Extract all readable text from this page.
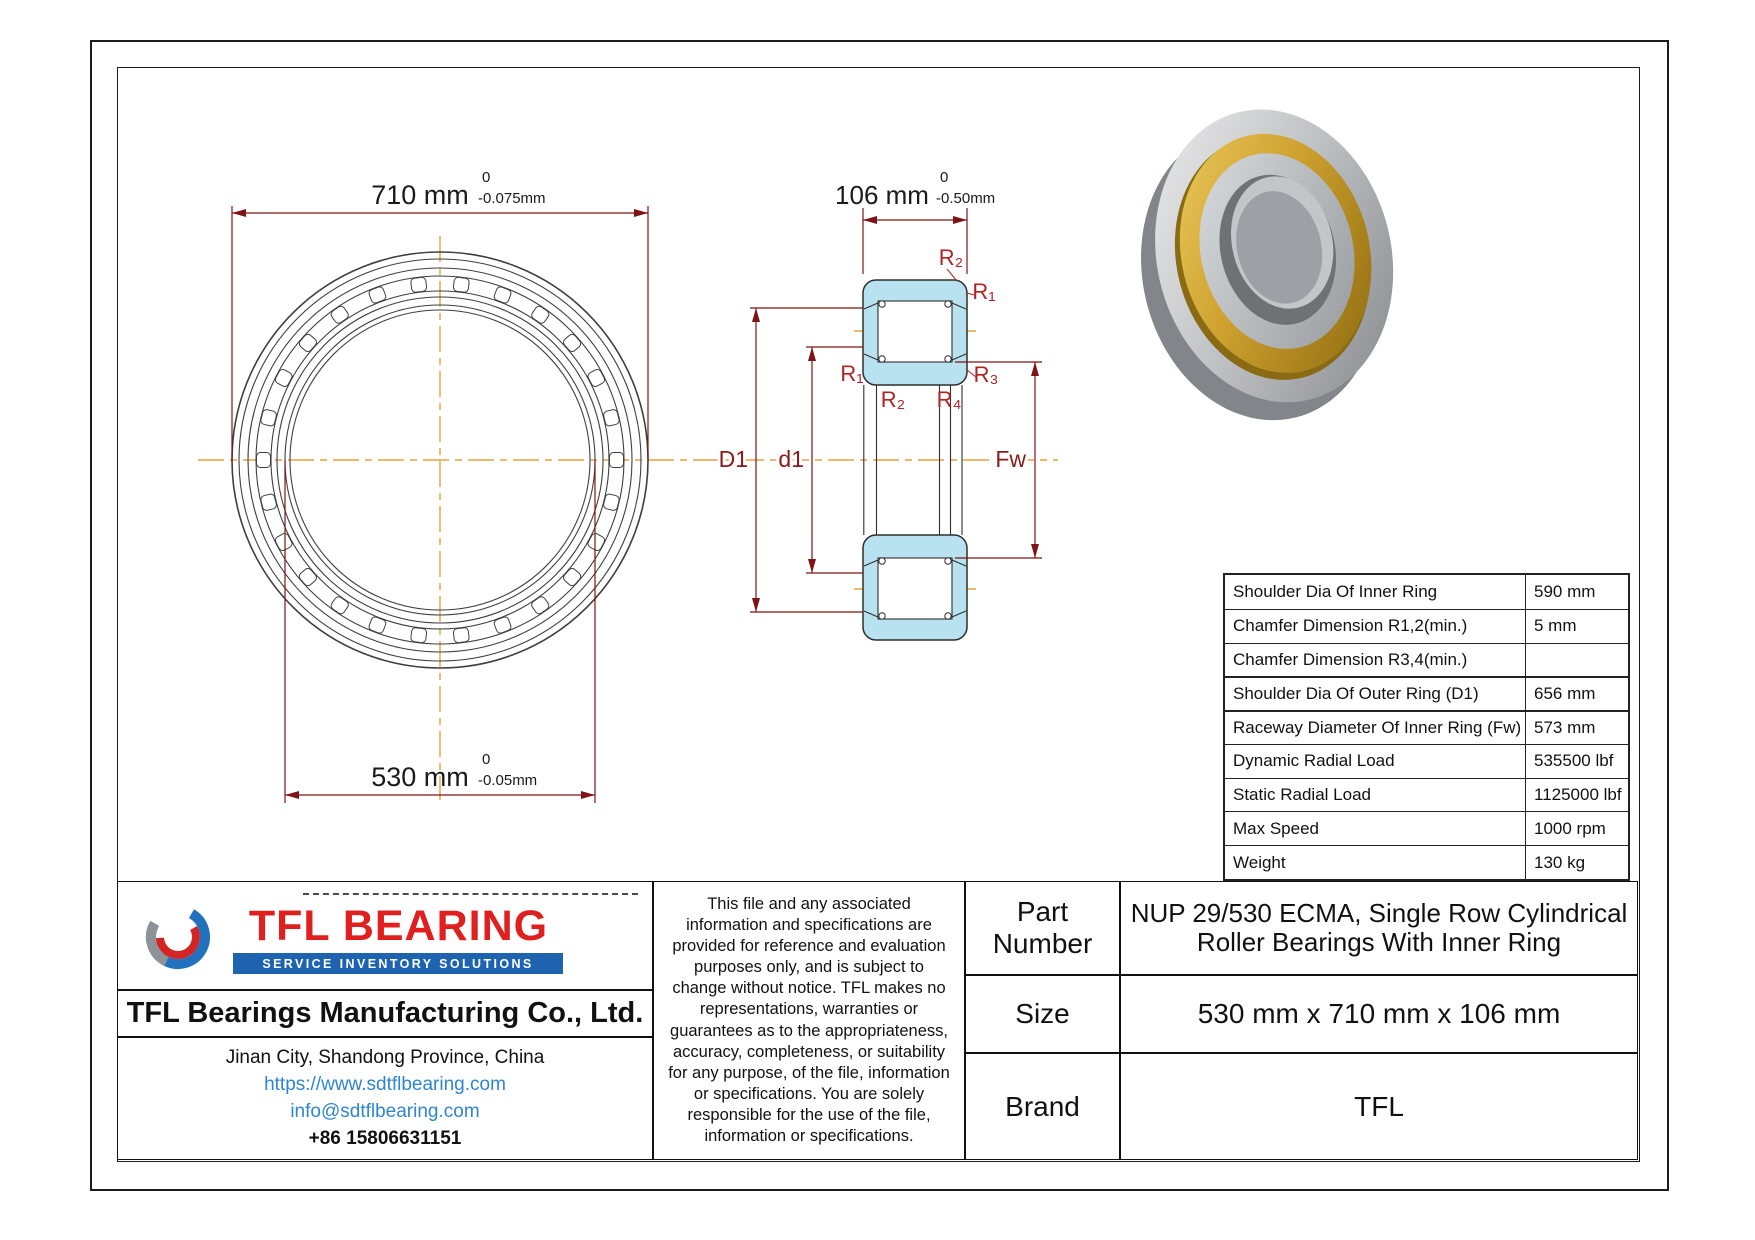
710 mm
0
-0.075mm
530 mm
0
-0.05mm
106 mm
0
-0.50mm
D1 d1	Fw
R₂
R₁
R₁
R₂ R₄
R₃
Shoulder Dia Of Inner Ring	590 mm
Chamfer Dimension R1,2(min.)	5 mm
Chamfer Dimension R3,4(min.)
Shoulder Dia Of Outer Ring (D1)	656 mm
Raceway Diameter Of Inner Ring (Fw) 573 mm
Dynamic Radial Load	535500 lbf
Static Radial Load	1125000 lbf
Max Speed	1000 rpm
Weight	130 kg
TFL BEARING
SERVICE INVENTORY SOLUTIONS
TFL Bearings Manufacturing Co., Ltd.
Jinan City, Shandong Province, China
https://www.sdtflbearing.com
info@sdtflbearing.com
+86 15806631151
This file and any associated information and specifications are provided for reference and evaluation purposes only, and is subject to change without notice. TFL makes no representations, warranties or guarantees as to the appropriateness, accuracy, completeness, or suitability for any purpose, of the file, information or specifications. You are solely responsible for the use of the file, information or specifications.
Part Number
NUP 29/530 ECMA, Single Row Cylindrical Roller Bearings With Inner Ring
Size	530 mm x 710 mm x 106 mm
Brand	TFL
